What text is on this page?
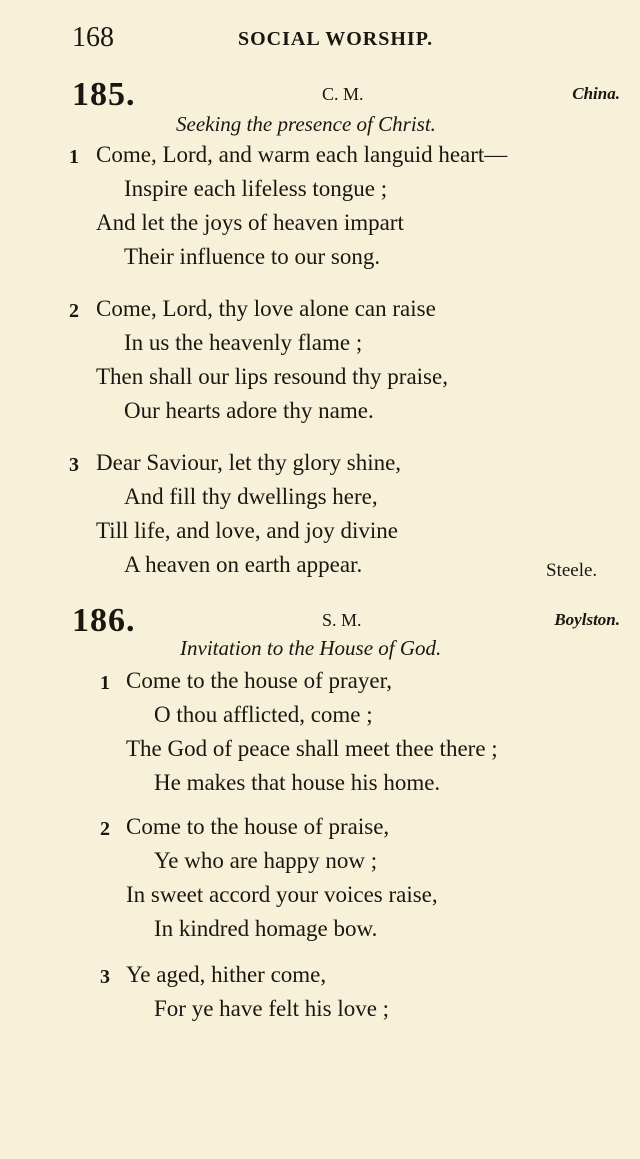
168	SOCIAL WORSHIP.
185.	C. M.	China.
Seeking the presence of Christ.
1 Come, Lord, and warm each languid heart—
Inspire each lifeless tongue ;
And let the joys of heaven impart
Their influence to our song.
2 Come, Lord, thy love alone can raise
In us the heavenly flame ;
Then shall our lips resound thy praise,
Our hearts adore thy name.
3 Dear Saviour, let thy glory shine,
And fill thy dwellings here,
Till life, and love, and joy divine
A heaven on earth appear.	Steele.
186.	S. M.	Boylston.
Invitation to the House of God.
1 Come to the house of prayer,
O thou afflicted, come ;
The God of peace shall meet thee there ;
He makes that house his home.
2 Come to the house of praise,
Ye who are happy now ;
In sweet accord your voices raise,
In kindred homage bow.
3 Ye aged, hither come,
For ye have felt his love ;
